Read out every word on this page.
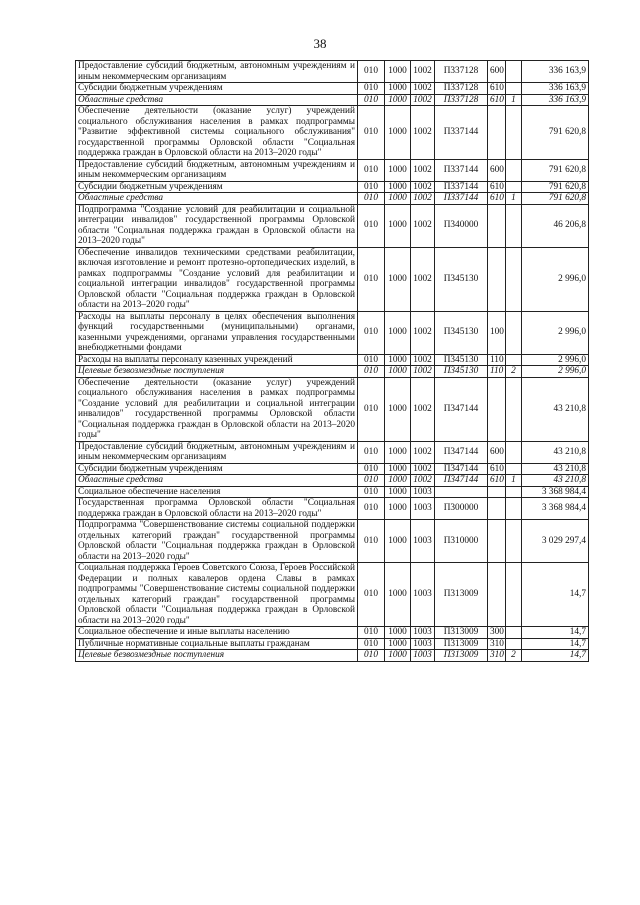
38
Предоставление субсидий бюджетным, автономным учреждениям и иным некоммерческим организациям	010	1000	1002	П337128	600		336 163,9
Субсидии бюджетным учреждениям	010	1000	1002	П337128	610		336 163,9
Областные средства	010	1000	1002	П337128	610	1	336 163,9
Обеспечение деятельности (оказание услуг) учреждений социального обслуживания населения в рамках подпрограммы "Развитие эффективной системы социального обслуживания" государственной программы Орловской области "Социальная поддержка граждан в Орловской области на 2013–2020 годы"	010	1000	1002	П337144			791 620,8
Предоставление субсидий бюджетным, автономным учреждениям и иным некоммерческим организациям	010	1000	1002	П337144	600		791 620,8
Субсидии бюджетным учреждениям	010	1000	1002	П337144	610		791 620,8
Областные средства	010	1000	1002	П337144	610	1	791 620,8
Подпрограмма "Создание условий для реабилитации и социальной интеграции инвалидов" государственной программы Орловской области "Социальная поддержка граждан в Орловской области на 2013–2020 годы"	010	1000	1002	П340000			46 206,8
Обеспечение инвалидов техническими средствами реабилитации, включая изготовление и ремонт протезно-ортопедических изделий, в рамках подпрограммы "Создание условий для реабилитации и социальной интеграции инвалидов" государственной программы Орловской области "Социальная поддержка граждан в Орловской области на 2013–2020 годы"	010	1000	1002	П345130			2 996,0
Расходы на выплаты персоналу в целях обеспечения выполнения функций государственными (муниципальными) органами, казенными учреждениями, органами управления государственными внебюджетными фондами	010	1000	1002	П345130	100		2 996,0
Расходы на выплаты персоналу казенных учреждений	010	1000	1002	П345130	110		2 996,0
Целевые безвозмездные поступления	010	1000	1002	П345130	110	2	2 996,0
Обеспечение деятельности (оказание услуг) учреждений социального обслуживания населения в рамках подпрограммы "Создание условий для реабилитации и социальной интеграции инвалидов" государственной программы Орловской области "Социальная поддержка граждан в Орловской области на 2013–2020 годы"	010	1000	1002	П347144			43 210,8
Предоставление субсидий бюджетным, автономным учреждениям и иным некоммерческим организациям	010	1000	1002	П347144	600		43 210,8
Субсидии бюджетным учреждениям	010	1000	1002	П347144	610		43 210,8
Областные средства	010	1000	1002	П347144	610	1	43 210,8
Социальное обеспечение населения	010	1000	1003				3 368 984,4
Государственная программа Орловской области "Социальная поддержка граждан в Орловской области на 2013–2020 годы"	010	1000	1003	П300000			3 368 984,4
Подпрограмма "Совершенствование системы социальной поддержки отдельных категорий граждан" государственной программы Орловской области "Социальная поддержка граждан в Орловской области на 2013–2020 годы"	010	1000	1003	П310000			3 029 297,4
Социальная поддержка Героев Советского Союза, Героев Российской Федерации и полных кавалеров ордена Славы в рамках подпрограммы "Совершенствование системы социальной поддержки отдельных категорий граждан" государственной программы Орловской области "Социальная поддержка граждан в Орловской области на 2013–2020 годы"	010	1000	1003	П313009			14,7
Социальное обеспечение и иные выплаты населению	010	1000	1003	П313009	300		14,7
Публичные нормативные социальные выплаты гражданам	010	1000	1003	П313009	310		14,7
Целевые безвозмездные поступления	010	1000	1003	П313009	310	2	14,7
